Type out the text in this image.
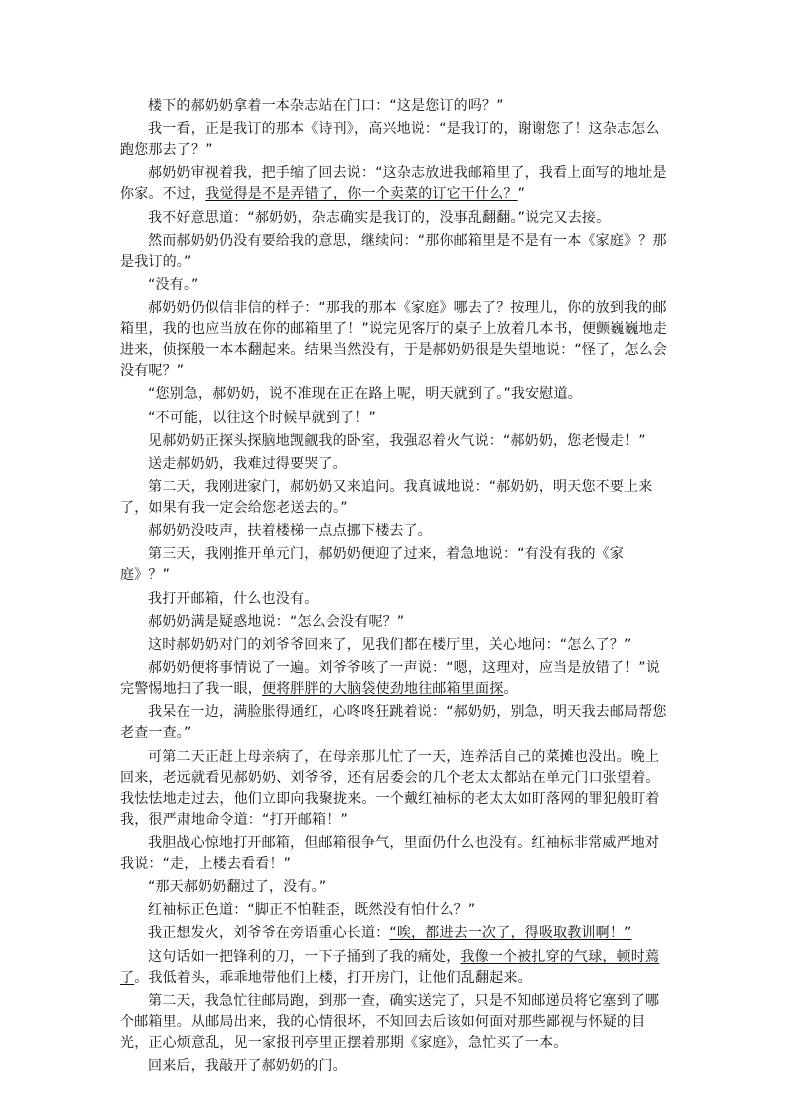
楼下的郝奶奶拿着一本杂志站在门口：“这是您订的吗？”

我一看，正是我订的那本《诗刊》，高兴地说：“是我订的，谢谢您了！这杂志怎么跑您那去了？”

郝奶奶审视着我，把手缩了回去说：“这杂志放进我邮箱里了，我看上面写的地址是你家。不过，我觉得是不是弄错了，你一个卖菜的订它干什么？”

我不好意思道：“郝奶奶，杂志确实是我订的，没事乱翻翻。”说完又去接。

然而郝奶奶仍没有要给我的意思，继续问：“那你邮箱里是不是有一本《家庭》？那是我订的。”

“没有。”

郝奶奶仍似信非信的样子：“那我的那本《家庭》哪去了？按理儿，你的放到我的邮箱里，我的也应当放在你的邮箱里了！”说完见客厅的桌子上放着几本书，便颤巍巍地走进来，侦探般一本本翻起来。结果当然没有，于是郝奶奶很是失望地说：“怪了，怎么会没有呢？”

“您别急，郝奶奶，说不准现在正在路上呢，明天就到了。”我安慰道。

“不可能，以往这个时候早就到了！”

见郝奶奶正探头探脑地觊觎我的卧室，我强忍着火气说：“郝奶奶，您老慢走！”

送走郝奶奶，我难过得要哭了。

第二天，我刚进家门，郝奶奶又来追问。我真诚地说：“郝奶奶，明天您不要上来了，如果有我一定会给您老送去的。”

郝奶奶没吱声，扶着楼梯一点点挪下楼去了。

第三天，我刚推开单元门，郝奶奶便迎了过来，着急地说：“有没有我的《家庭》？”

我打开邮箱，什么也没有。

郝奶奶满是疑惑地说：“怎么会没有呢？”

这时郝奶奶对门的刘爷爷回来了，见我们都在楼厅里，关心地问：“怎么了？”

郝奶奶便将事情说了一遍。刘爷爷咳了一声说：“嗯，这理对，应当是放错了！”说完警惕地扫了我一眼，便将胖胖的大脑袋使劲地往邮箱里面探。

我呆在一边，满脸胀得通红，心咚咚狂跳着说：“郝奶奶，别急，明天我去邮局帮您老查一查。”

可第二天正赶上母亲病了，在母亲那儿忙了一天，连养活自己的菜摊也没出。晚上回来，老远就看见郝奶奶、刘爷爷，还有居委会的几个老太太都站在单元门口张望着。我怯怯地走过去，他们立即向我聚拢来。一个戴红袖标的老太太如盯落网的罪犯般盯着我，很严肃地命令道：“打开邮箱！”

我胆战心惊地打开邮箱，但邮箱很争气，里面仍什么也没有。红袖标非常威严地对我说：“走，上楼去看看！”

“那天郝奶奶翻过了，没有。”

红袖标正色道：“脚正不怕鞋歪，既然没有怕什么？”

我正想发火，刘爷爷在旁语重心长道：“唉，都进去一次了，得吸取教训啊！”

这句话如一把锋利的刀，一下子捅到了我的痛处，我像一个被扎穿的气球，顿时蔫了。我低着头，乖乖地带他们上楼，打开房门，让他们乱翻起来。

第二天，我急忙往邮局跑，到那一查，确实送完了，只是不知邮递员将它塞到了哪个邮箱里。从邮局出来，我的心情很坏，不知回去后该如何面对那些鄙视与怀疑的目光，正心烦意乱，见一家报刊亭里正摆着那期《家庭》，急忙买了一本。

回来后，我敲开了郝奶奶的门。
